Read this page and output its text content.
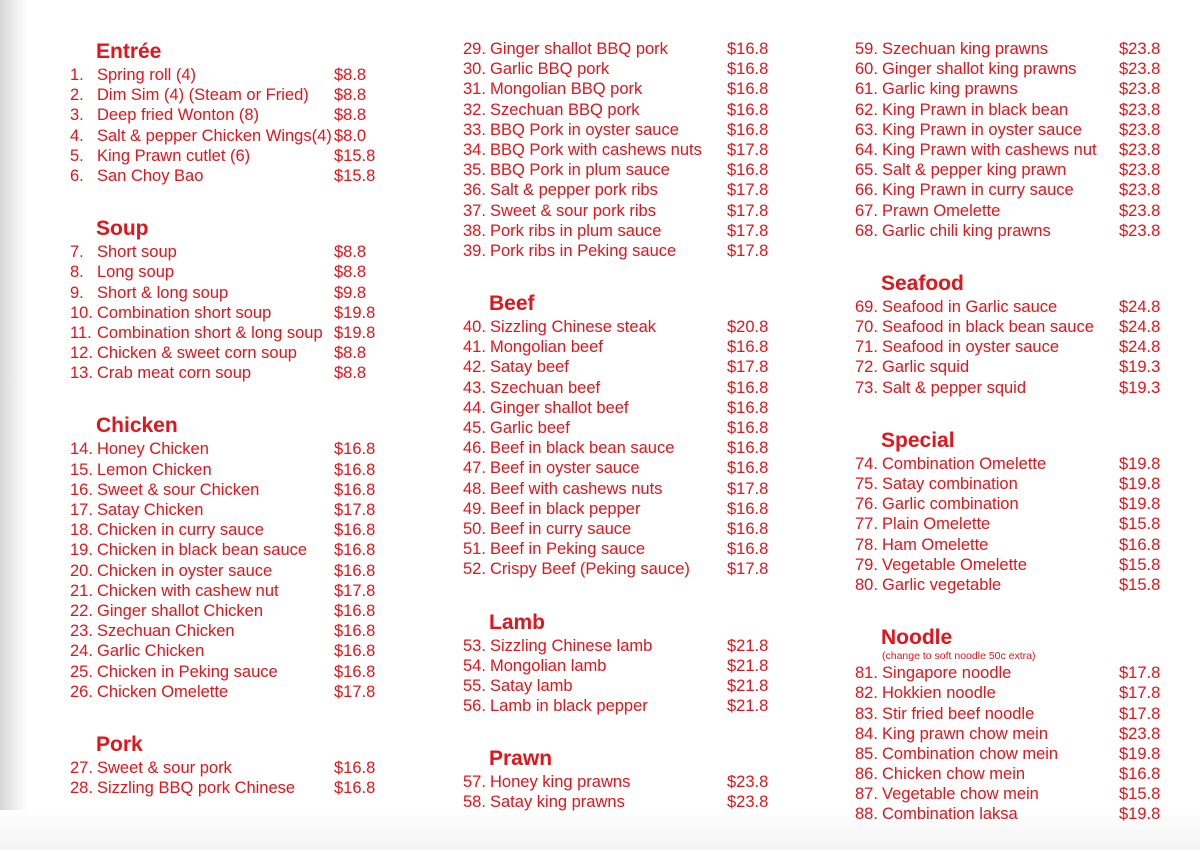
Entrée
1. Spring roll (4)	$8.8
2. Dim Sim (4) (Steam or Fried) $8.8
3. Deep fried Wonton (8)	$8.8
4. Salt & pepper Chicken Wings(4) $8.0
5. King Prawn cutlet (6)	$15.8
6. San Choy Bao	$15.8
Soup
7. Short soup	$8.8
8. Long soup	$8.8
9. Short & long soup	$9.8
10. Combination short soup	$19.8
11. Combination short & long soup $19.8
12. Chicken & sweet corn soup $8.8
13. Crab meat corn soup	$8.8
Chicken
14. Honey Chicken	$16.8
15. Lemon Chicken	$16.8
16. Sweet & sour Chicken	$16.8
17. Satay Chicken	$17.8
18. Chicken in curry sauce	$16.8
19. Chicken in black bean sauce $16.8
20. Chicken in oyster sauce	$16.8
21. Chicken with cashew nut	$17.8
22. Ginger shallot Chicken	$16.8
23. Szechuan Chicken	$16.8
24. Garlic Chicken	$16.8
25. Chicken in Peking sauce	$16.8
26. Chicken Omelette	$17.8
Pork
27. Sweet & sour pork	$16.8
28. Sizzling BBQ pork Chinese $16.8
29. Ginger shallot BBQ pork	$16.8
30. Garlic BBQ pork	$16.8
31. Mongolian BBQ pork	$16.8
32. Szechuan BBQ pork	$16.8
33. BBQ Pork in oyster sauce	$16.8
34. BBQ Pork with cashews nuts $17.8
35. BBQ Pork in plum sauce	$16.8
36. Salt & pepper pork ribs	$17.8
37. Sweet & sour pork ribs	$17.8
38. Pork ribs in plum sauce	$17.8
39. Pork ribs in Peking sauce	$17.8
Beef
40. Sizzling Chinese steak	$20.8
41. Mongolian beef	$16.8
42. Satay beef	$17.8
43. Szechuan beef	$16.8
44. Ginger shallot beef	$16.8
45. Garlic beef	$16.8
46. Beef in black bean sauce	$16.8
47. Beef in oyster sauce	$16.8
48. Beef with cashews nuts	$17.8
49. Beef in black pepper	$16.8
50. Beef in curry sauce	$16.8
51. Beef in Peking sauce	$16.8
52. Crispy Beef (Peking sauce) $17.8
Lamb
53. Sizzling Chinese lamb	$21.8
54. Mongolian lamb	$21.8
55. Satay lamb	$21.8
56. Lamb in black pepper	$21.8
Prawn
57. Honey king prawns	$23.8
58. Satay king prawns	$23.8
59. Szechuan king prawns	$23.8
60. Ginger shallot king prawns	$23.8
61. Garlic king prawns	$23.8
62. King Prawn in black bean	$23.8
63. King Prawn in oyster sauce $23.8
64. King Prawn with cashews nut $23.8
65. Salt & pepper king prawn	$23.8
66. King Prawn in curry sauce	$23.8
67. Prawn Omelette	$23.8
68. Garlic chili king prawns	$23.8
Seafood
69. Seafood in Garlic sauce	$24.8
70. Seafood in black bean sauce $24.8
71. Seafood in oyster sauce	$24.8
72. Garlic squid	$19.3
73. Salt & pepper squid	$19.3
Special
74. Combination Omelette	$19.8
75. Satay combination	$19.8
76. Garlic combination	$19.8
77. Plain Omelette	$15.8
78. Ham Omelette	$16.8
79. Vegetable Omelette	$15.8
80. Garlic vegetable	$15.8
Noodle
(change to soft noodle 50c extra)
81. Singapore noodle	$17.8
82. Hokkien noodle	$17.8
83. Stir fried beef noodle	$17.8
84. King prawn chow mein	$23.8
85. Combination chow mein	$19.8
86. Chicken chow mein	$16.8
87. Vegetable chow mein	$15.8
88. Combination laksa	$19.8
